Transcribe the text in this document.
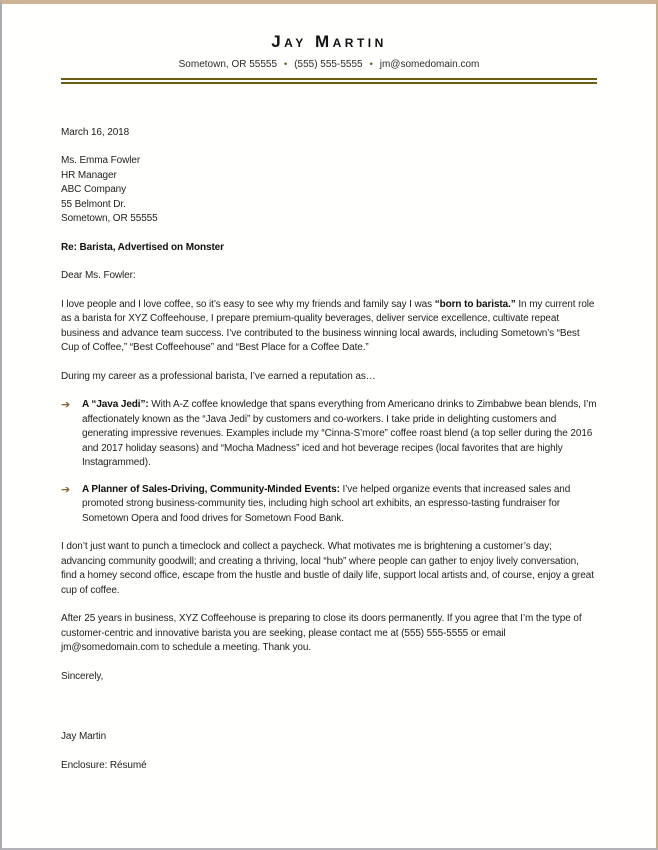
Jay Martin
Sometown, OR 55555 • (555) 555-5555 • jm@somedomain.com
March 16, 2018
Ms. Emma Fowler
HR Manager
ABC Company
55 Belmont Dr.
Sometown, OR 55555
Re: Barista, Advertised on Monster
Dear Ms. Fowler:

I love people and I love coffee, so it’s easy to see why my friends and family say I was “born to barista.” In my current role as a barista for XYZ Coffeehouse, I prepare premium-quality beverages, deliver service excellence, cultivate repeat business and advance team success. I’ve contributed to the business winning local awards, including Sometown’s “Best Cup of Coffee,” “Best Coffeehouse” and “Best Place for a Coffee Date.”

During my career as a professional barista, I’ve earned a reputation as…

➔	A “Java Jedi”: With A-Z coffee knowledge that spans everything from Americano drinks to Zimbabwe bean blends, I’m affectionately known as the “Java Jedi” by customers and co-workers. I take pride in delighting customers and generating impressive revenues. Examples include my “Cinna-S’more” coffee roast blend (a top seller during the 2016 and 2017 holiday seasons) and “Mocha Madness” iced and hot beverage recipes (local favorites that are highly Instagrammed).
➔	A Planner of Sales-Driving, Community-Minded Events: I’ve helped organize events that increased sales and promoted strong business-community ties, including high school art exhibits, an espresso-tasting fundraiser for Sometown Opera and food drives for Sometown Food Bank.

I don’t just want to punch a timeclock and collect a paycheck. What motivates me is brightening a customer’s day; advancing community goodwill; and creating a thriving, local “hub” where people can gather to enjoy lively conversation, find a homey second office, escape from the hustle and bustle of daily life, support local artists and, of course, enjoy a great cup of coffee.

After 25 years in business, XYZ Coffeehouse is preparing to close its doors permanently. If you agree that I’m the type of customer-centric and innovative barista you are seeking, please contact me at (555) 555-5555 or email jm@somedomain.com to schedule a meeting. Thank you.

Sincerely,
Jay Martin
Enclosure: Résumé
